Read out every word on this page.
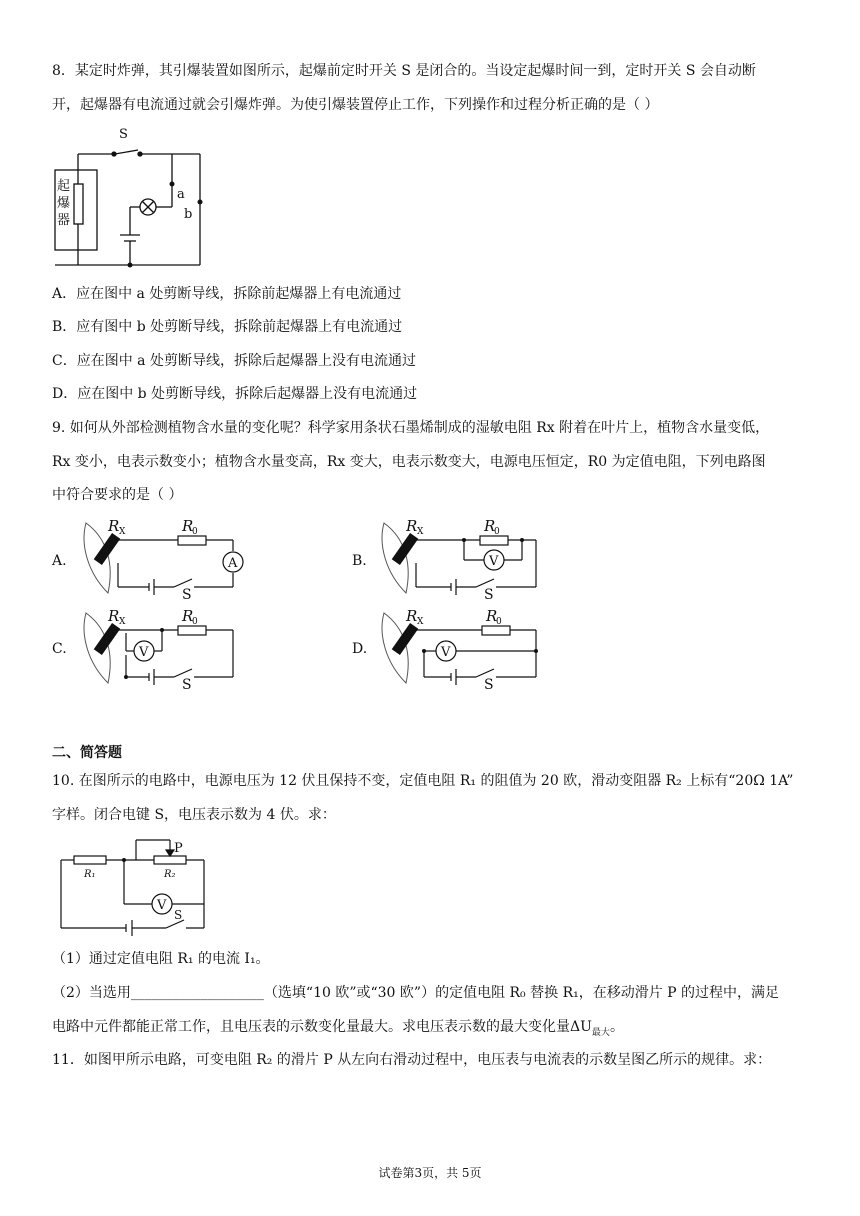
8．某定时炸弹，其引爆装置如图所示，起爆前定时开关 S 是闭合的。当设定起爆时间一到，定时开关 S 会自动断
开，起爆器有电流通过就会引爆炸弹。为使引爆装置停止工作，下列操作和过程分析正确的是（ ）
S
a
b
起爆器
A．应在图中 a 处剪断导线，拆除前起爆器上有电流通过
B．应有图中 b 处剪断导线，拆除前起爆器上有电流通过
C．应在图中 a 处剪断导线，拆除后起爆器上没有电流通过
D．应在图中 b 处剪断导线，拆除后起爆器上没有电流通过
9. 如何从外部检测植物含水量的变化呢？科学家用条状石墨烯制成的湿敏电阻 Rx 附着在叶片上，植物含水量变低，
Rx 变小，电表示数变小；植物含水量变高，Rx 变大，电表示数变大，电源电压恒定，R0 为定值电阻，下列电路图
中符合要求的是（ ）
A.	B.
C.	D.
R X	R
0
A
S
R X	R
0
V
S
R X	R
0
V
S
R X	R
0
V
S
二、简答题
10. 在图所示的电路中，电源电压为 12 伏且保持不变，定值电阻 R₁ 的阻值为 20 欧，滑动变阻器 R₂ 上标有“20Ω 1A”
字样。闭合电键 S，电压表示数为 4 伏。求：
P
R₁	R₂
V
S
（1）通过定值电阻 R₁ 的电流 I₁。
（2）当选用___________________（选填“10 欧”或“30 欧”）的定值电阻 R₀ 替换 R₁，在移动滑片 P 的过程中，满足
电路中元件都能正常工作，且电压表的示数变化量最大。求电压表示数的最大变化量$\Delta U_{最大}$。
11．如图甲所示电路，可变电阻 R₂ 的滑片 P 从左向右滑动过程中，电压表与电流表的示数呈图乙所示的规律。求：
试卷第3页，共 5页
